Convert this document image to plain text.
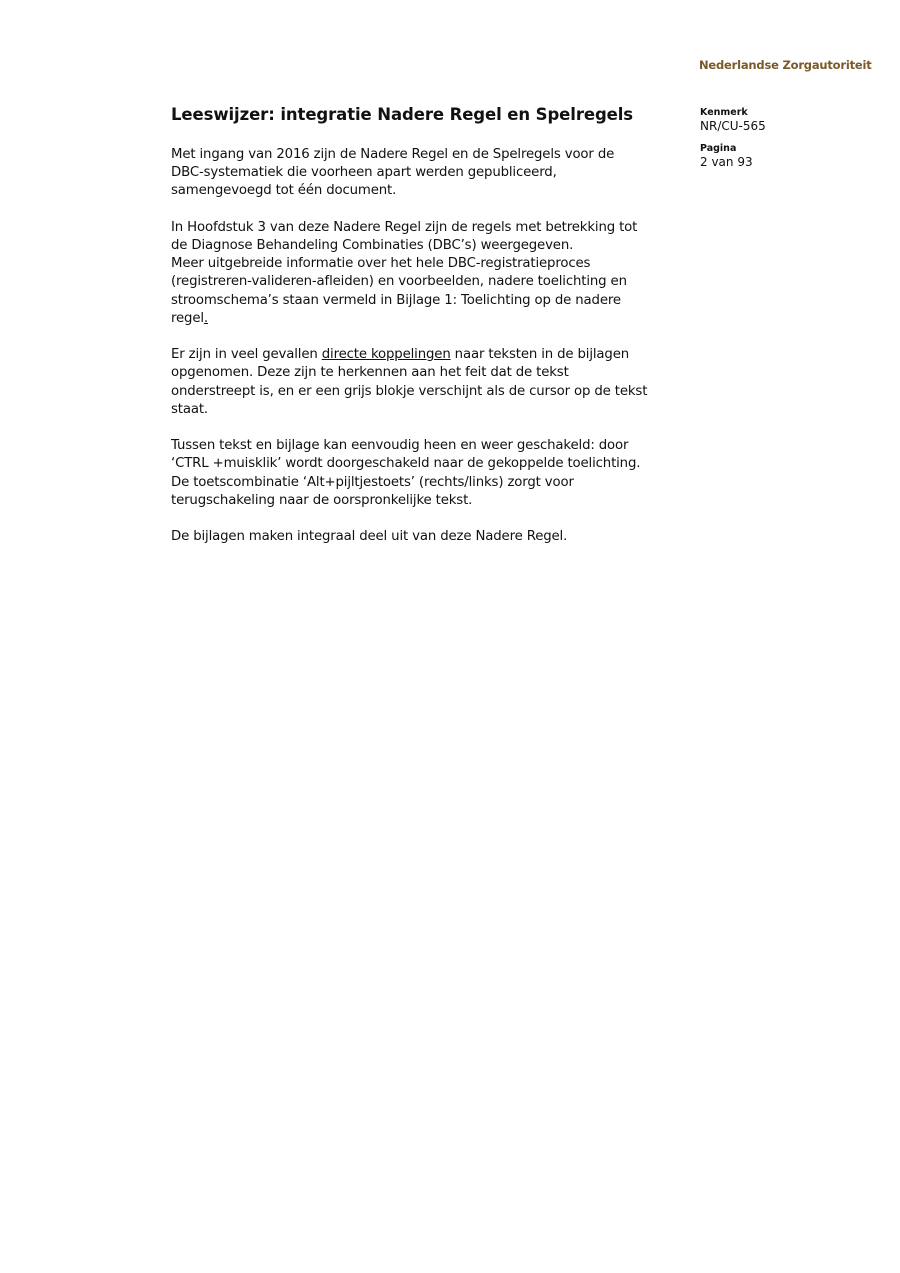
Nederlandse Zorgautoriteit
Leeswijzer: integratie Nadere Regel en Spelregels	Kenmerk
NR/CU-565
Pagina
2 van 93

Met ingang van 2016 zijn de Nadere Regel en de Spelregels voor de
DBC-systematiek die voorheen apart werden gepubliceerd,
samengevoegd tot één document.

In Hoofdstuk 3 van deze Nadere Regel zijn de regels met betrekking tot
de Diagnose Behandeling Combinaties (DBC’s) weergegeven.
Meer uitgebreide informatie over het hele DBC-registratieproces
(registreren-valideren-afleiden) en voorbeelden, nadere toelichting en
stroomschema’s staan vermeld in Bijlage 1: Toelichting op de nadere
regel.

Er zijn in veel gevallen directe koppelingen naar teksten in de bijlagen
opgenomen. Deze zijn te herkennen aan het feit dat de tekst
onderstreept is, en er een grijs blokje verschijnt als de cursor op de tekst
staat.

Tussen tekst en bijlage kan eenvoudig heen en weer geschakeld: door
‘CTRL +muisklik’ wordt doorgeschakeld naar de gekoppelde toelichting.
De toetscombinatie ‘Alt+pijltjestoets’ (rechts/links) zorgt voor
terugschakeling naar de oorspronkelijke tekst.

De bijlagen maken integraal deel uit van deze Nadere Regel.
